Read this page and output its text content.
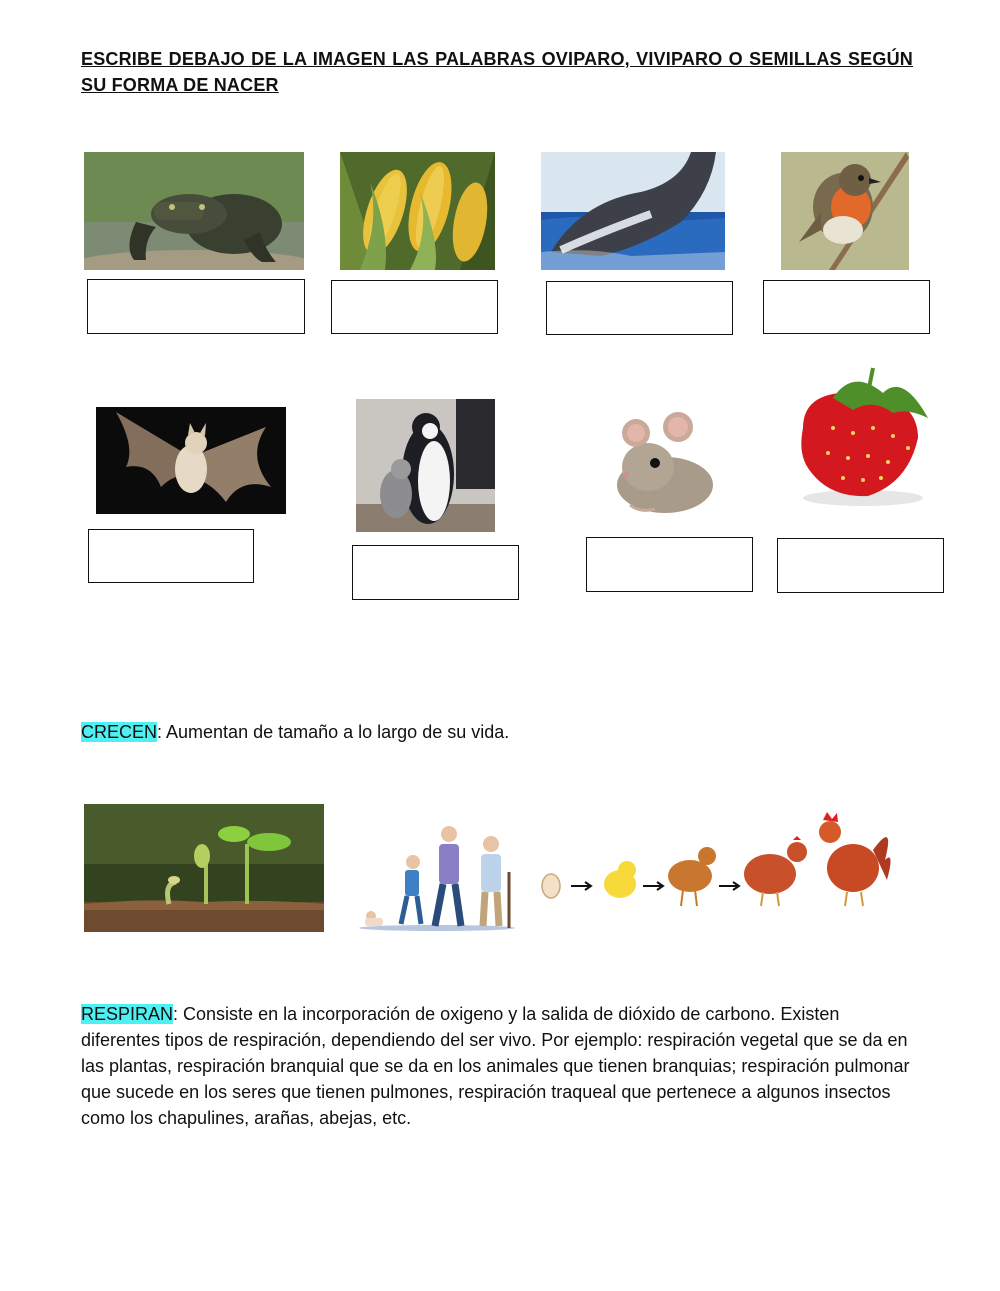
ESCRIBE DEBAJO DE LA IMAGEN LAS PALABRAS OVIPARO, VIVIPARO O SEMILLAS SEGÚN SU FORMA DE NACER
CRECEN: Aumentan de tamaño a lo largo de su vida.
RESPIRAN: Consiste en la incorporación de oxigeno y la salida de dióxido de carbono. Existen diferentes tipos de respiración, dependiendo del ser vivo. Por ejemplo: respiración vegetal que se da en las plantas, respiración branquial que se da en los animales que tienen branquias; respiración pulmonar que sucede en los seres que tienen pulmones, respiración traqueal que pertenece a algunos insectos como los chapulines, arañas, abejas, etc.
